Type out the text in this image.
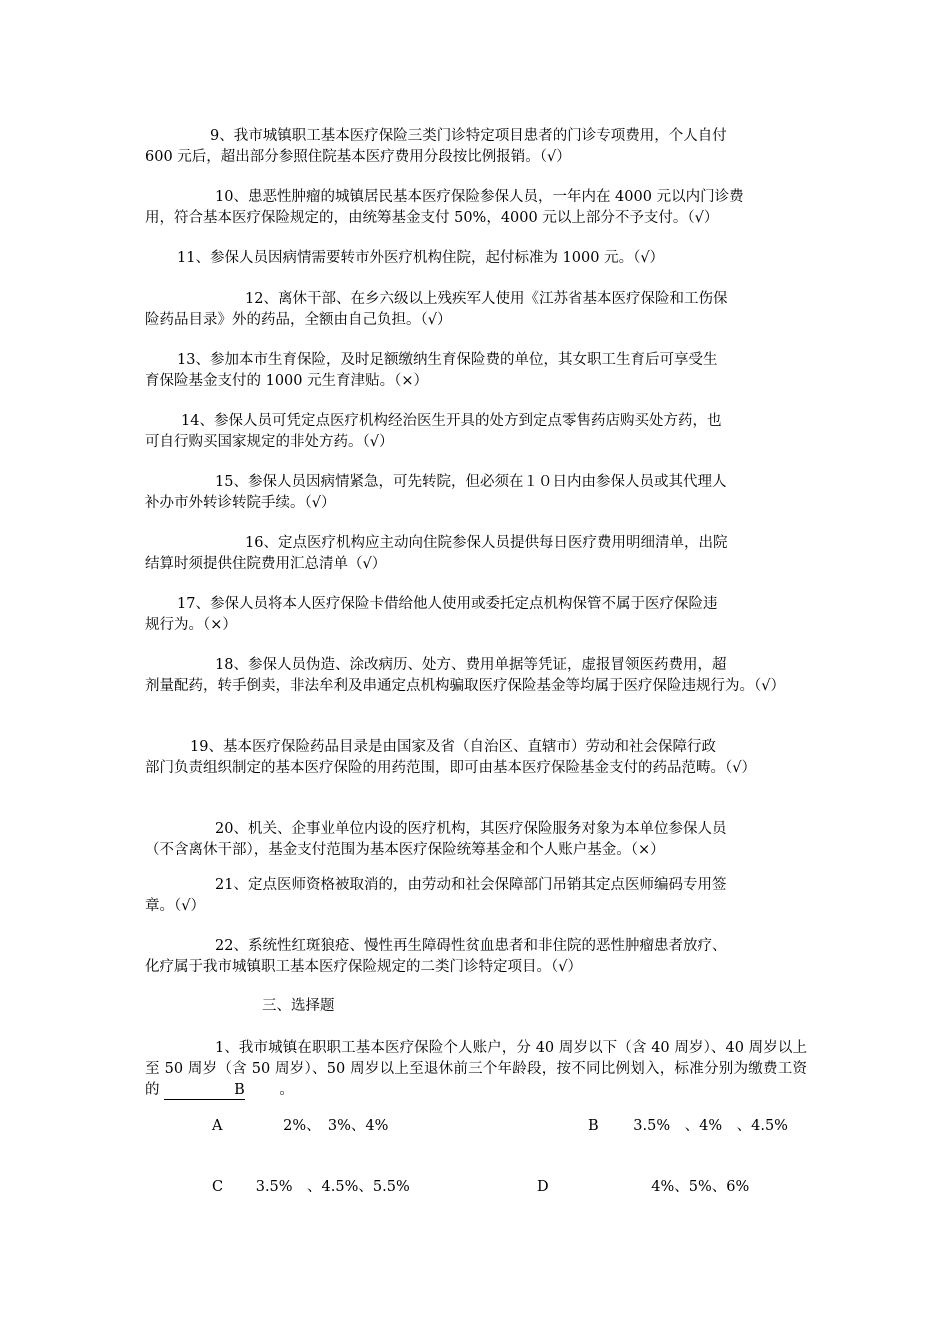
9、我市城镇职工基本医疗保险三类门诊特定项目患者的门诊专项费用，个人自付
600 元后，超出部分参照住院基本医疗费用分段按比例报销。（√）

10、患恶性肿瘤的城镇居民基本医疗保险参保人员，一年内在 4000 元以内门诊费
用，符合基本医疗保险规定的，由统筹基金支付 50%，4000 元以上部分不予支付。（√）

11、参保人员因病情需要转市外医疗机构住院，起付标准为 1000 元。（√）

12、离休干部、在乡六级以上残疾军人使用《江苏省基本医疗保险和工伤保
险药品目录》外的药品，全额由自己负担。（√）

13、参加本市生育保险，及时足额缴纳生育保险费的单位，其女职工生育后可享受生
育保险基金支付的 1000 元生育津贴。（×）

14、参保人员可凭定点医疗机构经治医生开具的处方到定点零售药店购买处方药，也
可自行购买国家规定的非处方药。（√）

15、参保人员因病情紧急，可先转院，但必须在１０日内由参保人员或其代理人
补办市外转诊转院手续。（√）

16、定点医疗机构应主动向住院参保人员提供每日医疗费用明细清单，出院
结算时须提供住院费用汇总清单（√）

17、参保人员将本人医疗保险卡借给他人使用或委托定点机构保管不属于医疗保险违
规行为。（×）

18、参保人员伪造、涂改病历、处方、费用单据等凭证，虚报冒领医药费用，超
剂量配药，转手倒卖，非法牟利及串通定点机构骗取医疗保险基金等均属于医疗保险违规行为。（√）

19、基本医疗保险药品目录是由国家及省（自治区、直辖市）劳动和社会保障行政
部门负责组织制定的基本医疗保险的用药范围，即可由基本医疗保险基金支付的药品范畴。（√）

20、机关、企事业单位内设的医疗机构，其医疗保险服务对象为本单位参保人员
（不含离休干部），基金支付范围为基本医疗保险统筹基金和个人账户基金。（×）

21、定点医师资格被取消的，由劳动和社会保障部门吊销其定点医师编码专用签
章。（√）

22、系统性红斑狼疮、慢性再生障碍性贫血患者和非住院的恶性肿瘤患者放疗、
化疗属于我市城镇职工基本医疗保险规定的二类门诊特定项目。（√）

三、选择题

1、我市城镇在职职工基本医疗保险个人账户，分 40 周岁以下（含 40 周岁）、40 周岁以上至 50 周岁（含 50 周岁）、50 周岁以上至退休前三个年龄段，按不同比例划入，标准分别为缴费工资的	B 。

A	2%、　3%、4%	B 3.5%　、4%　、4.5%

C 3.5%　、4.5%、5.5%	D	4%、5%、6%
